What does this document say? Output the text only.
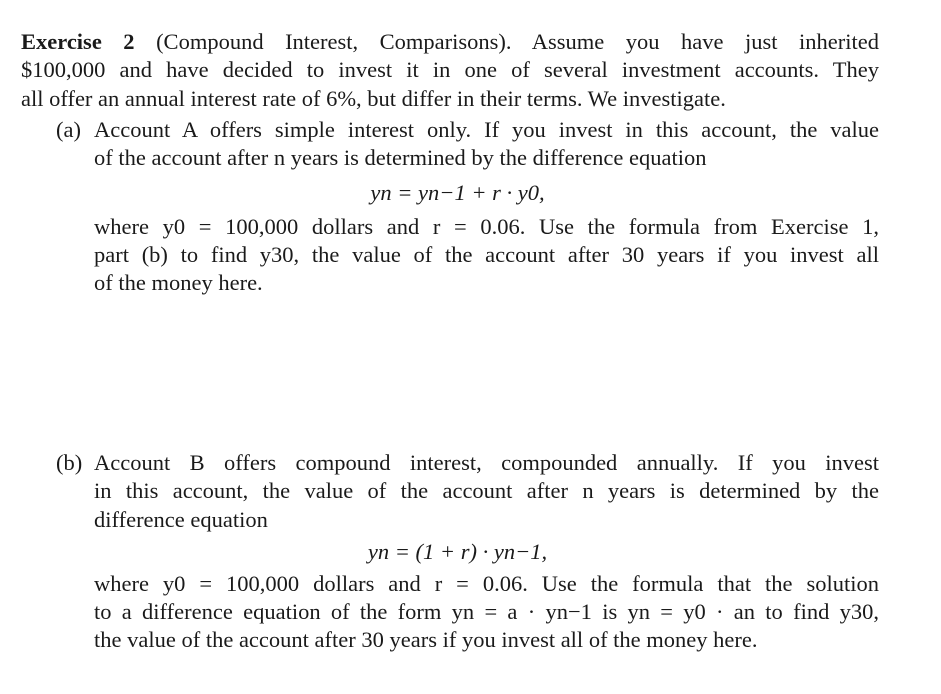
Exercise 2 (Compound Interest, Comparisons). Assume you have just inherited
$100,000 and have decided to invest it in one of several investment accounts. They
all offer an annual interest rate of 6%, but differ in their terms. We investigate.
(a) Account A offers simple interest only. If you invest in this account, the value
of the account after n years is determined by the difference equation
yn = yn−1 + r · y0,
where y0 = 100,000 dollars and r = 0.06. Use the formula from Exercise 1,
part (b) to find y30, the value of the account after 30 years if you invest all
of the money here.
(b) Account B offers compound interest, compounded annually. If you invest
in this account, the value of the account after n years is determined by the
difference equation
yn = (1 + r) · yn−1,
where y0 = 100,000 dollars and r = 0.06. Use the formula that the solution
to a difference equation of the form yn = a · yn−1 is yn = y0 · an to find y30,
the value of the account after 30 years if you invest all of the money here.
